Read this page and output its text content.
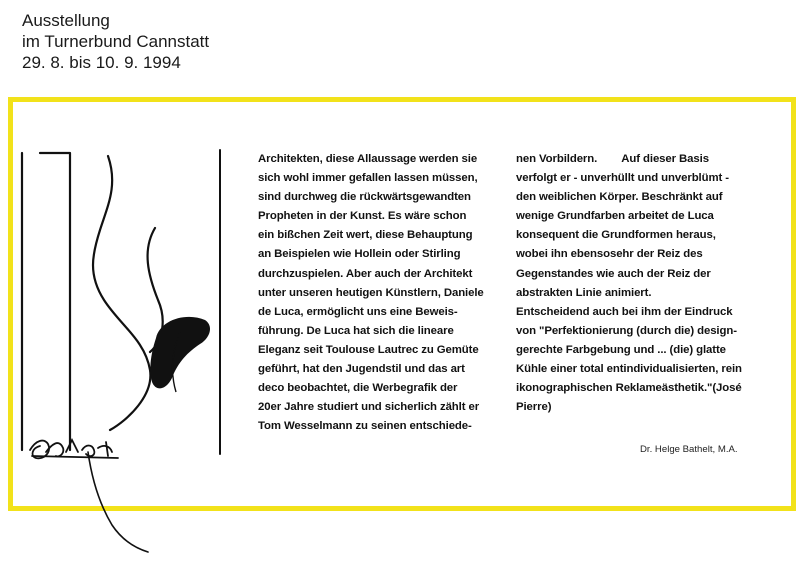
Ausstellung
im Turnerbund Cannstatt
29. 8. bis 10. 9. 1994
Architekten, diese Allaussage werden sie
sich wohl immer gefallen lassen müssen,
sind durchweg die rückwärtsgewandten
Propheten in der Kunst. Es wäre schon
ein bißchen Zeit wert, diese Behauptung
an Beispielen wie Hollein oder Stirling
durchzuspielen. Aber auch der Architekt
unter unseren heutigen Künstlern, Daniele
de Luca, ermöglicht uns eine Beweis-
führung. De Luca hat sich die lineare
Eleganz seit Toulouse Lautrec zu Gemüte
geführt, hat den Jugendstil und das art
deco beobachtet, die Werbegrafik der
20er Jahre studiert und sicherlich zählt er
Tom Wesselmann zu seinen entschiede-
nen Vorbildern.        Auf dieser Basis
verfolgt er - unverhüllt und unverblümt -
den weiblichen Körper. Beschränkt auf
wenige Grundfarben arbeitet de Luca
konsequent die Grundformen heraus,
wobei ihn ebensosehr der Reiz des
Gegenstandes wie auch der Reiz der
abstrakten Linie animiert.
Entscheidend auch bei ihm der Eindruck
von "Perfektionierung (durch die) design-
gerechte Farbgebung und ... (die) glatte
Kühle einer total entindividualisierten, rein
ikonographischen Reklameästhetik."(José
Pierre)
Dr. Helge Bathelt, M.A.
